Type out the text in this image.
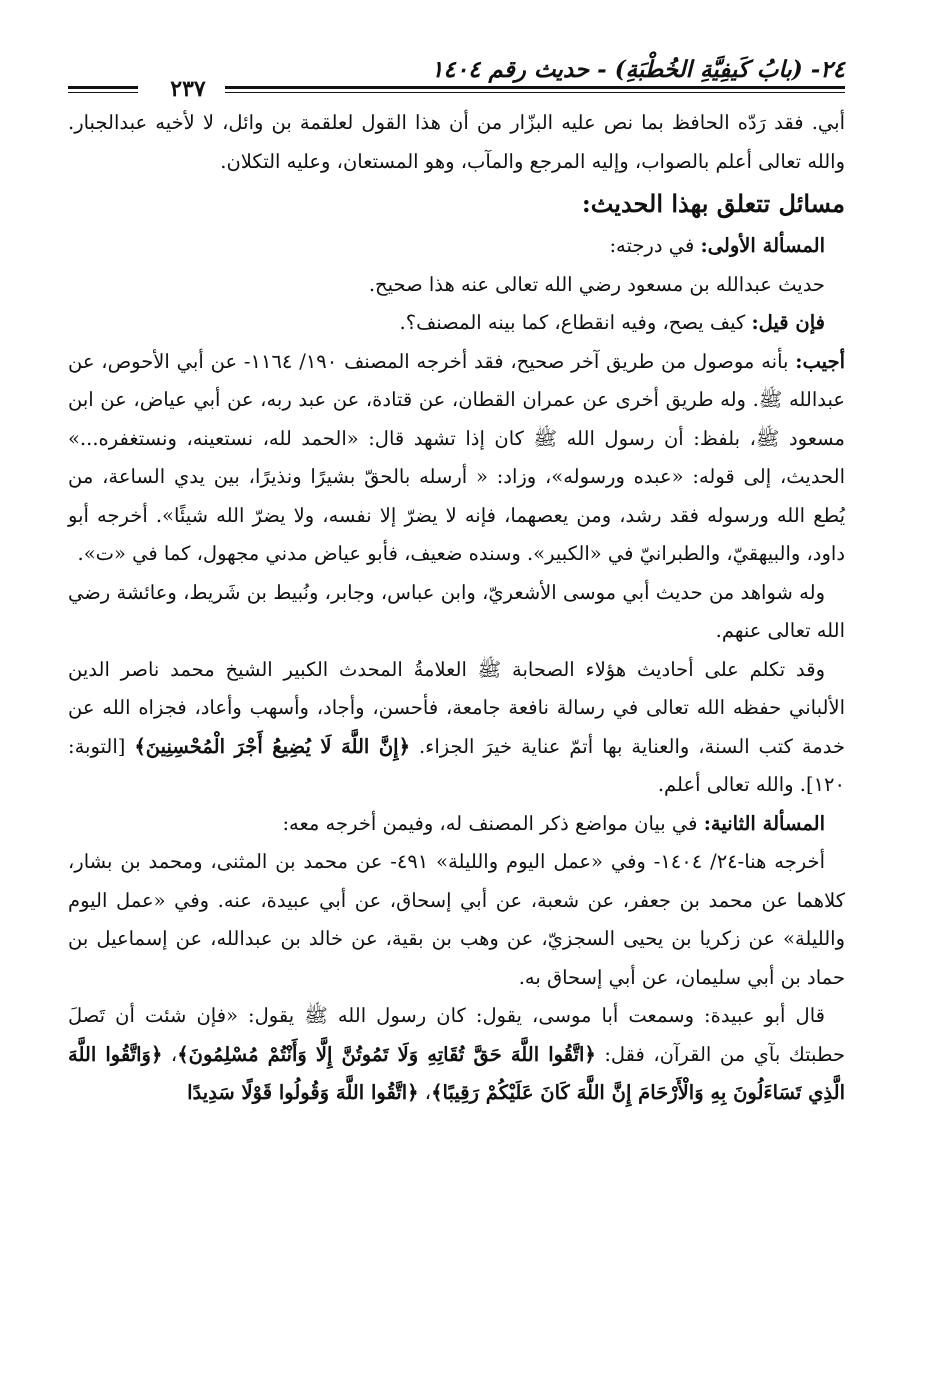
٢٤- (بابُ كَيفِيَّةِ الخُطْبَةِ) - حديث رقم ١٤٠٤
٢٣٧

أبي. فقد رَدّه الحافظ بما نص عليه البزّار من أن هذا القول لعلقمة بن وائل، لا لأخيه عبدالجبار. والله تعالى أعلم بالصواب، وإليه المرجع والمآب، وهو المستعان، وعليه التكلان.

مسائل تتعلق بهذا الحديث:

المسألة الأولى: في درجته:

حديث عبدالله بن مسعود رضي الله تعالى عنه هذا صحيح.

فإن قيل: كيف يصح، وفيه انقطاع، كما بينه المصنف؟.

أجيب: بأنه موصول من طريق آخر صحيح، فقد أخرجه المصنف ١٩٠/ ١١٦٤- عن أبي الأحوص، عن عبدالله ﷺ. وله طريق أخرى عن عمران القطان، عن قتادة، عن عبد ربه، عن أبي عياض، عن ابن مسعود ﷺ، بلفظ: أن رسول الله ﷺ كان إذا تشهد قال: «الحمد لله، نستعينه، ونستغفره...» الحديث، إلى قوله: «عبده ورسوله»، وزاد: « أرسله بالحقّ بشيرًا ونذيرًا، بين يدي الساعة، من يُطع الله ورسوله فقد رشد، ومن يعصهما، فإنه لا يضرّ إلا نفسه، ولا يضرّ الله شيئًا». أخرجه أبو داود، والبيهقيّ، والطبرانيّ في «الكبير». وسنده ضعيف، فأبو عياض مدني مجهول، كما في «ت».

وله شواهد من حديث أبي موسى الأشعريّ، وابن عباس، وجابر، ونُبيط بن شَريط، وعائشة رضي الله تعالى عنهم.

وقد تكلم على أحاديث هؤلاء الصحابة ﷺ العلامةُ المحدث الكبير الشيخ محمد ناصر الدين الألباني حفظه الله تعالى في رسالة نافعة جامعة، فأحسن، وأجاد، وأسهب وأعاد، فجزاه الله عن خدمة كتب السنة، والعناية بها أتمّ عناية خيرَ الجزاء. ﴿إِنَّ اللَّهَ لَا يُضِيعُ أَجْرَ الْمُحْسِنِينَ﴾ [التوبة: ١٢٠]. والله تعالى أعلم.

المسألة الثانية: في بيان مواضع ذكر المصنف له، وفيمن أخرجه معه:

أخرجه هنا-٢٤/ ١٤٠٤- وفي «عمل اليوم والليلة» ٤٩١- عن محمد بن المثنى، ومحمد بن بشار، كلاهما عن محمد بن جعفر، عن شعبة، عن أبي إسحاق، عن أبي عبيدة، عنه. وفي «عمل اليوم والليلة» عن زكريا بن يحيى السجزيّ، عن وهب بن بقية، عن خالد بن عبدالله، عن إسماعيل بن حماد بن أبي سليمان، عن أبي إسحاق به.

قال أبو عبيدة: وسمعت أبا موسى، يقول: كان رسول الله ﷺ يقول: «فإن شئت أن تَصلَ حطبتك بآي من القرآن، فقل: ﴿اتَّقُوا اللَّهَ حَقَّ تُقَاتِهِ وَلَا تَمُوتُنَّ إِلَّا وَأَنْتُمْ مُسْلِمُونَ﴾، ﴿وَاتَّقُوا اللَّهَ الَّذِي تَسَاءَلُونَ بِهِ وَالْأَرْحَامَ إِنَّ اللَّهَ كَانَ عَلَيْكُمْ رَقِيبًا﴾، ﴿اتَّقُوا اللَّهَ وَقُولُوا قَوْلًا سَدِيدًا
